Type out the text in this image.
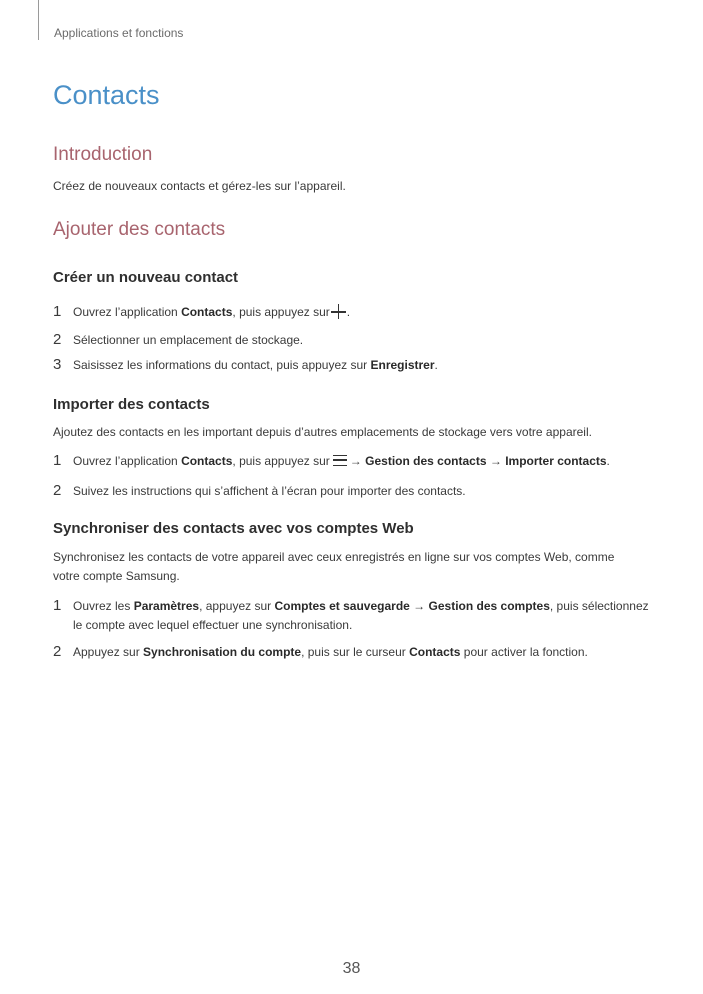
Applications et fonctions
Contacts
Introduction

Créez de nouveaux contacts et gérez-les sur l’appareil.

Ajouter des contacts
Créer un nouveau contact
1 Ouvrez l’application Contacts, puis appuyez sur .
2 Sélectionner un emplacement de stockage.
3 Saisissez les informations du contact, puis appuyez sur Enregistrer.
Importer des contacts

Ajoutez des contacts en les important depuis d’autres emplacements de stockage vers votre appareil.

1 Ouvrez l’application Contacts, puis appuyez sur → Gestion des contacts → Importer contacts.
2 Suivez les instructions qui s’affichent à l’écran pour importer des contacts.
Synchroniser des contacts avec vos comptes Web

Synchronisez les contacts de votre appareil avec ceux enregistrés en ligne sur vos comptes Web, comme votre compte Samsung.

1 Ouvrez les Paramètres, appuyez sur Comptes et sauvegarde → Gestion des comptes, puis sélectionnez le compte avec lequel effectuer une synchronisation.
2 Appuyez sur Synchronisation du compte, puis sur le curseur Contacts pour activer la fonction.
38
